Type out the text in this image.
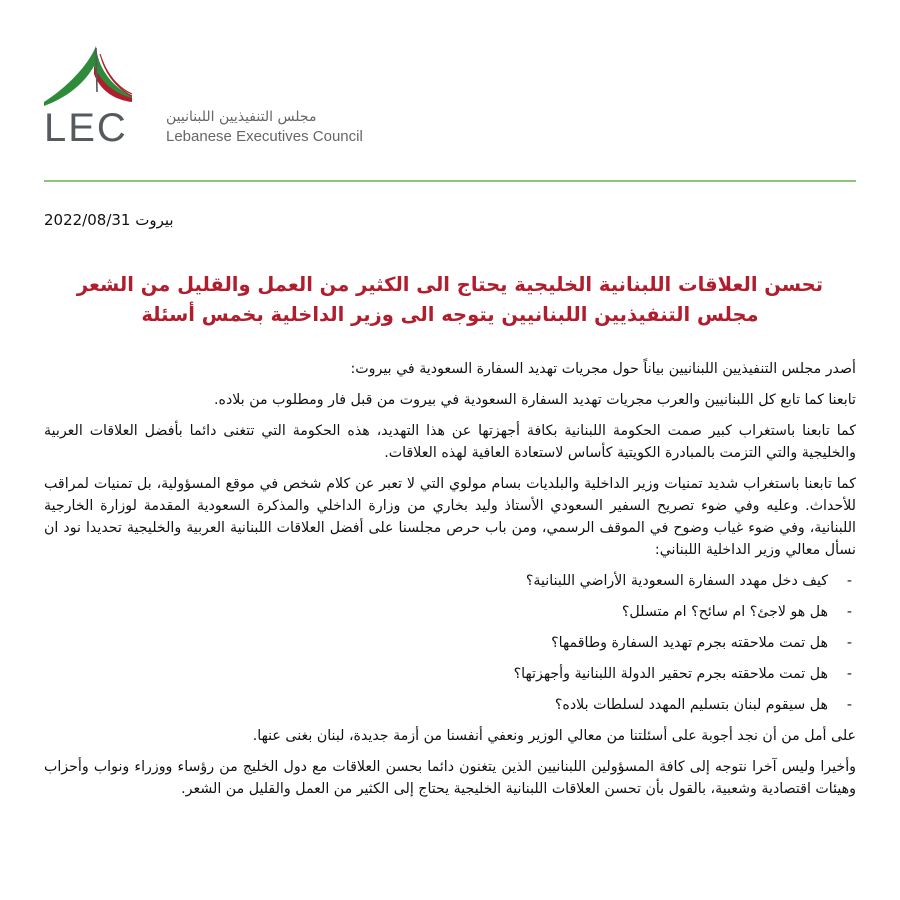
LEC	مجلس التنفيذيين اللبنانيين
Lebanese Executives Council
بيروت 2022/08/31
تحسن العلاقات اللبنانية الخليجية يحتاج الى الكثير من العمل والقليل من الشعر
مجلس التنفيذيين اللبنانيين يتوجه الى وزير الداخلية بخمس أسئلة

أصدر مجلس التنفيذيين اللبنانيين بياناً حول مجريات تهديد السفارة السعودية في بيروت:

تابعنا كما تابع كل اللبنانيين والعرب مجريات تهديد السفارة السعودية في بيروت من قبل فار ومطلوب من بلاده.

كما تابعنا باستغراب كبير صمت الحكومة اللبنانية بكافة أجهزتها عن هذا التهديد، هذه الحكومة التي تتغنى دائما بأفضل العلاقات العربية والخليجية والتي التزمت بالمبادرة الكويتية كأساس لاستعادة العافية لهذه العلاقات.

كما تابعنا باستغراب شديد تمنيات وزير الداخلية والبلديات بسام مولوي التي لا تعبر عن كلام شخص في موقع المسؤولية، بل تمنيات لمراقب للأحداث. وعليه وفي ضوء تصريح السفير السعودي الأستاذ وليد بخاري من وزارة الداخلي والمذكرة السعودية المقدمة لوزارة الخارجية اللبنانية، وفي ضوء غياب وضوح في الموقف الرسمي، ومن باب حرص مجلسنا على أفضل العلاقات اللبنانية العربية والخليجية تحديدا نود ان نسأل معالي وزير الداخلية اللبناني:

-
كيف دخل مهدد السفارة السعودية الأراضي اللبنانية؟
-
هل هو لاجئ؟ ام سائح؟ ام متسلل؟
-
هل تمت ملاحقته بجرم تهديد السفارة وطاقمها؟
-
هل تمت ملاحقته بجرم تحقير الدولة اللبنانية وأجهزتها؟
-
هل سيقوم لبنان بتسليم المهدد لسلطات بلاده؟

على أمل من أن نجد أجوبة على أسئلتنا من معالي الوزير ونعفي أنفسنا من أزمة جديدة، لبنان بغنى عنها.

وأخيرا وليس آخرا نتوجه إلى كافة المسؤولين اللبنانيين الذين يتغنون دائما بحسن العلاقات مع دول الخليج من رؤساء ووزراء ونواب وأحزاب وهيئات اقتصادية وشعبية، بالقول بأن تحسن العلاقات اللبنانية الخليجية يحتاج إلى الكثير من العمل والقليل من الشعر.
